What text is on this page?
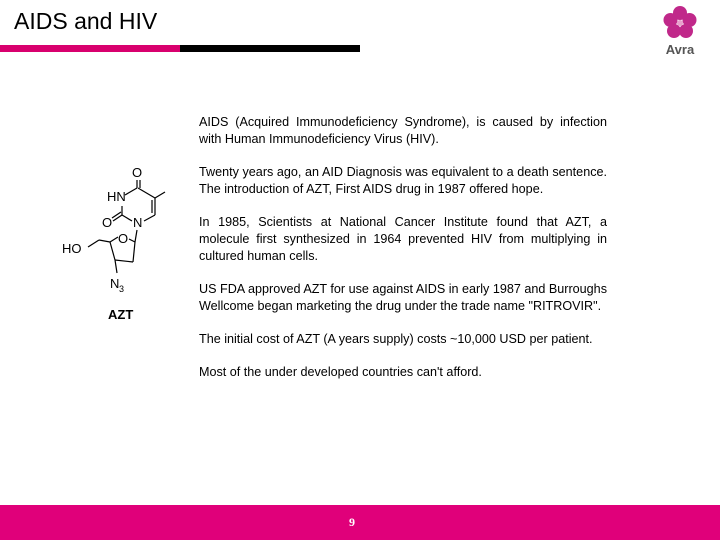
AIDS and HIV
Avra
O
HN
O N
HO
O
N 3
AZT

AIDS (Acquired Immunodeficiency Syndrome), is caused by infection with Human Immunodeficiency Virus (HIV).

Twenty years ago, an AID Diagnosis was equivalent to a death sentence. The introduction of AZT, First AIDS drug in 1987 offered hope.

In 1985, Scientists at National Cancer Institute found that AZT, a molecule first synthesized in 1964 prevented HIV from multiplying in cultured human cells.

US FDA approved AZT for use against AIDS in early 1987 and Burroughs Wellcome began marketing the drug under the trade name "RITROVIR".

The initial cost of AZT (A years supply) costs ~10,000 USD per patient.

Most of the under developed countries can't afford.

9
